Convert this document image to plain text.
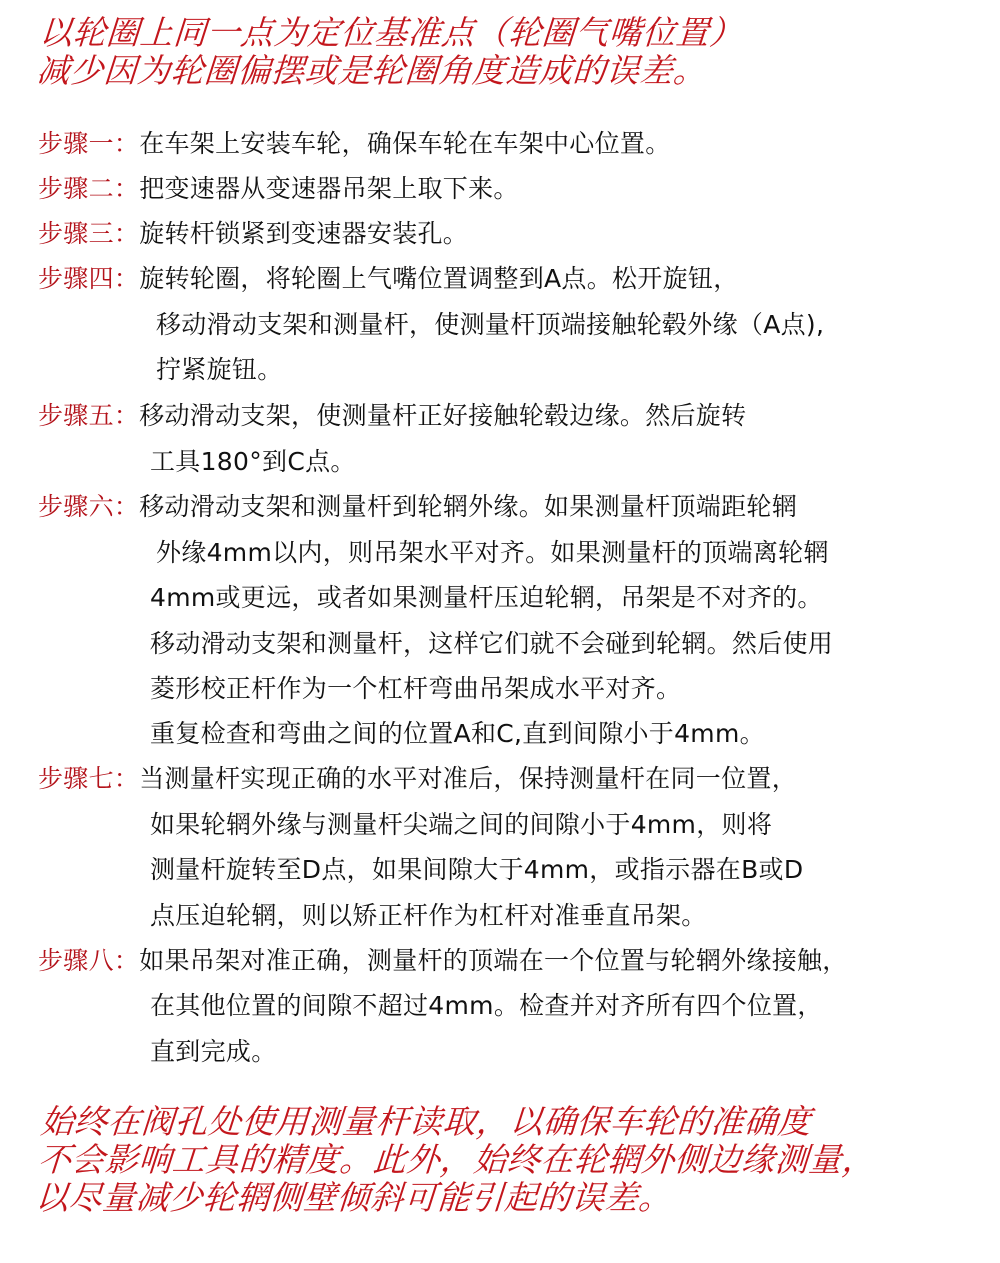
以轮圈上同一点为定位基准点（轮圈气嘴位置）
减少因为轮圈偏摆或是轮圈角度造成的误差。
步骤一：在车架上安装车轮，确保车轮在车架中心位置。
步骤二：把变速器从变速器吊架上取下来。
步骤三：旋转杆锁紧到变速器安装孔。
步骤四：旋转轮圈，将轮圈上气嘴位置调整到A点。松开旋钮，
移动滑动支架和测量杆，使测量杆顶端接触轮毂外缘（A点),
拧紧旋钮。
步骤五：移动滑动支架，使测量杆正好接触轮毂边缘。然后旋转
工具180°到C点。
步骤六：移动滑动支架和测量杆到轮辋外缘。如果测量杆顶端距轮辋
外缘4mm以内，则吊架水平对齐。如果测量杆的顶端离轮辋
4mm或更远，或者如果测量杆压迫轮辋，吊架是不对齐的。
移动滑动支架和测量杆，这样它们就不会碰到轮辋。然后使用
菱形校正杆作为一个杠杆弯曲吊架成水平对齐。
重复检查和弯曲之间的位置A和C,直到间隙小于4mm。
步骤七：当测量杆实现正确的水平对准后，保持测量杆在同一位置，
如果轮辋外缘与测量杆尖端之间的间隙小于4mm，则将
测量杆旋转至D点，如果间隙大于4mm，或指示器在B或D
点压迫轮辋，则以矫正杆作为杠杆对准垂直吊架。
步骤八：如果吊架对准正确，测量杆的顶端在一个位置与轮辋外缘接触，
在其他位置的间隙不超过4mm。检查并对齐所有四个位置，
直到完成。
始终在阀孔处使用测量杆读取，以确保车轮的准确度
不会影响工具的精度。此外，始终在轮辋外侧边缘测量，
以尽量减少轮辋侧壁倾斜可能引起的误差。
